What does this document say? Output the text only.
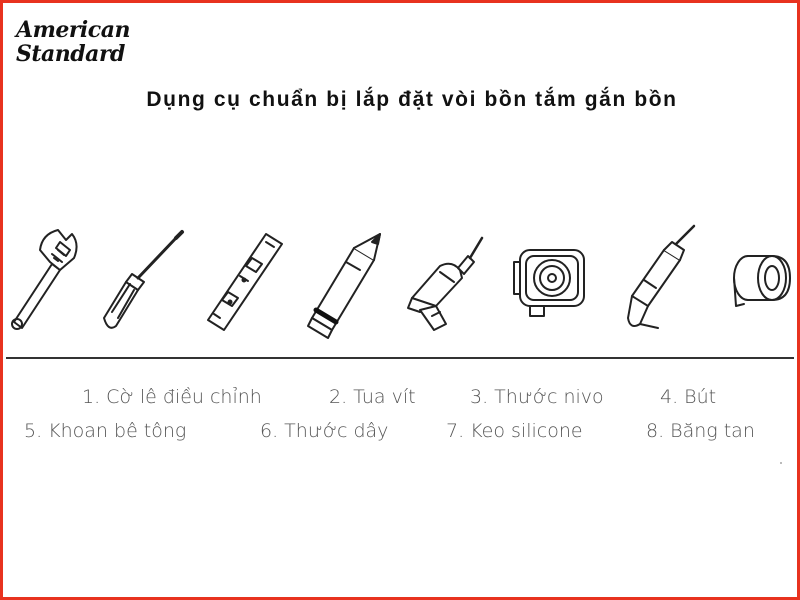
American
Standard
Dụng cụ chuẩn bị lắp đặt vòi bồn tắm gắn bồn
1. Cờ lê điều chỉnh	2. Tua vít	3. Thước nivo	4. Bút
5. Khoan bê tông	6. Thước dây	7. Keo silicone	8. Băng tan
